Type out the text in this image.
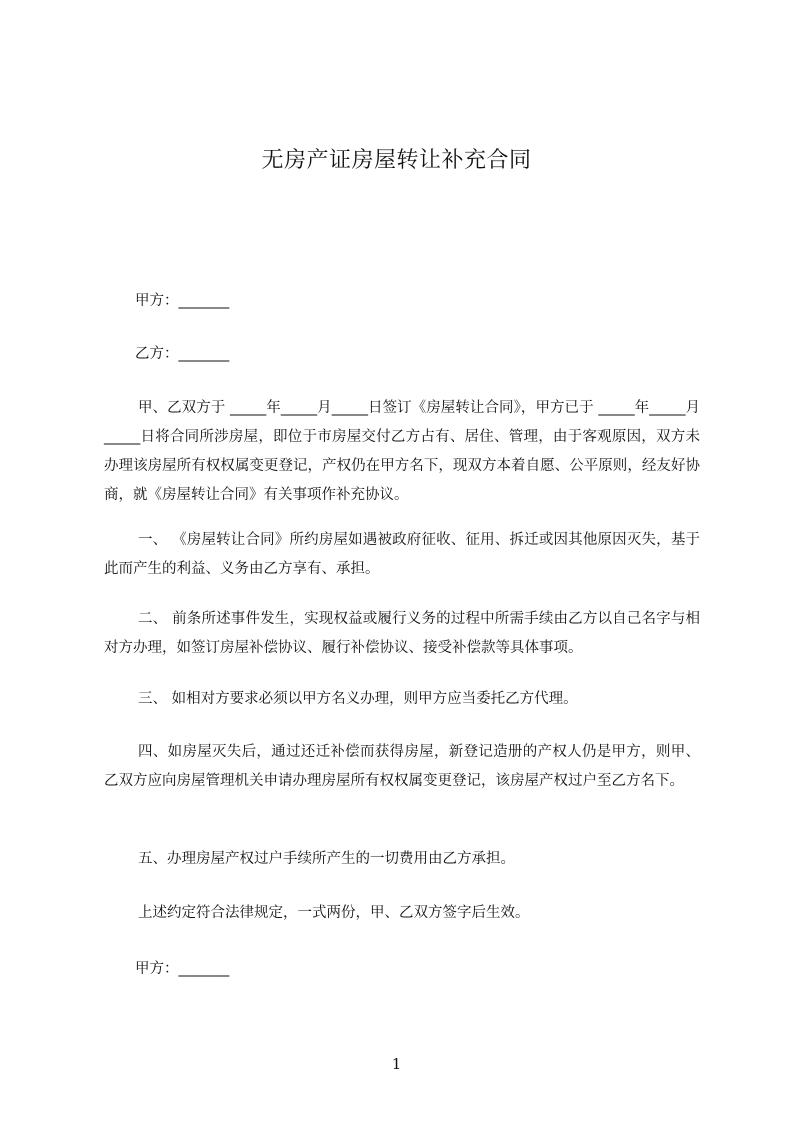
无房产证房屋转让补充合同
甲方：_______
乙方：_______
甲、乙双方于 _____年_____月_____日签订《房屋转让合同》，甲方已于 _____年_____月_____日将合同所涉房屋，即位于市房屋交付乙方占有、居住、管理，由于客观原因，双方未办理该房屋所有权权属变更登记，产权仍在甲方名下，现双方本着自愿、公平原则，经友好协商，就《房屋转让合同》有关事项作补充协议。
一、 《房屋转让合同》所约房屋如遇被政府征收、征用、拆迁或因其他原因灭失，基于此而产生的利益、义务由乙方享有、承担。
二、 前条所述事件发生，实现权益或履行义务的过程中所需手续由乙方以自己名字与相对方办理，如签订房屋补偿协议、履行补偿协议、接受补偿款等具体事项。
三、 如相对方要求必须以甲方名义办理，则甲方应当委托乙方代理。
四、如房屋灭失后，通过还迁补偿而获得房屋，新登记造册的产权人仍是甲方，则甲、乙双方应向房屋管理机关申请办理房屋所有权权属变更登记，该房屋产权过户至乙方名下。
五、办理房屋产权过户手续所产生的一切费用由乙方承担。
上述约定符合法律规定，一式两份，甲、乙双方签字后生效。
甲方：_______
1
